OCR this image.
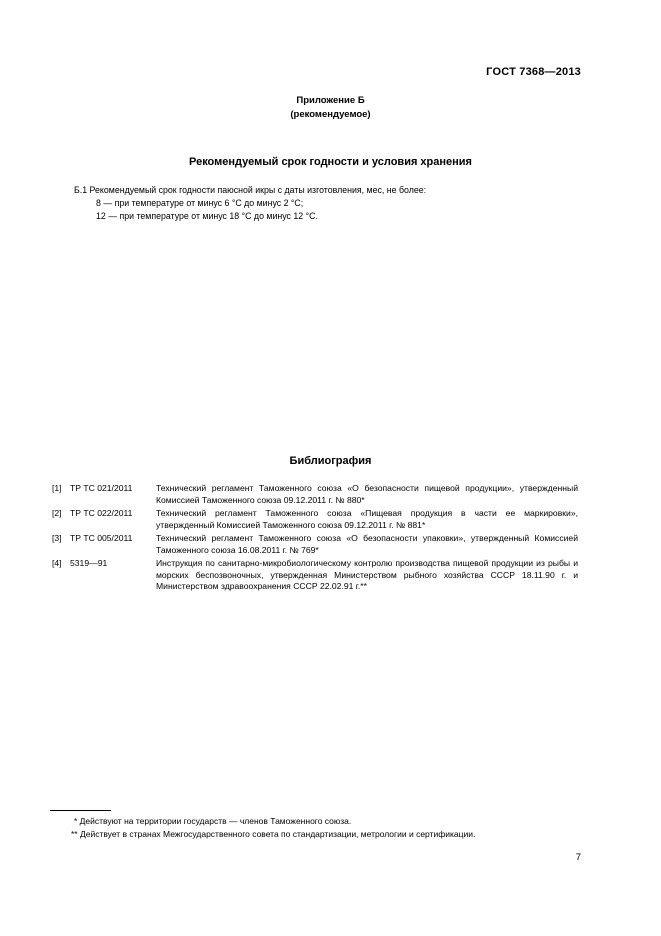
ГОСТ 7368—2013
Приложение Б
(рекомендуемое)
Рекомендуемый срок годности и условия хранения
Б.1 Рекомендуемый срок годности паюсной икры с даты изготовления, мес, не более:
8 — при температуре от минус 6 °С до минус 2 °С;
12 — при температуре от минус 18 °С до минус 12 °С.
Библиография
[1] ТР ТС 021/2011	Технический регламент Таможенного союза «О безопасности пищевой продукции», утвержденный Комиссией Таможенного союза 09.12.2011 г. № 880*
[2] ТР ТС 022/2011	Технический регламент Таможенного союза «Пищевая продукция в части ее маркировки», утвержденный Комиссией Таможенного союза 09.12.2011 г. № 881*
[3] ТР ТС 005/2011	Технический регламент Таможенного союза «О безопасности упаковки», утвержденный Комиссией Таможенного союза 16.08.2011 г. № 769*
[4] 5319—91	Инструкция по санитарно-микробиологическому контролю производства пищевой продукции из рыбы и морских беспозвоночных, утвержденная Министерством рыбного хозяйства СССР 18.11.90 г. и Министерством здравоохранения СССР 22.02.91 г.**
* Действуют на территории государств — членов Таможенного союза.
** Действует в странах Межгосударственного совета по стандартизации, метрологии и сертификации.
7
